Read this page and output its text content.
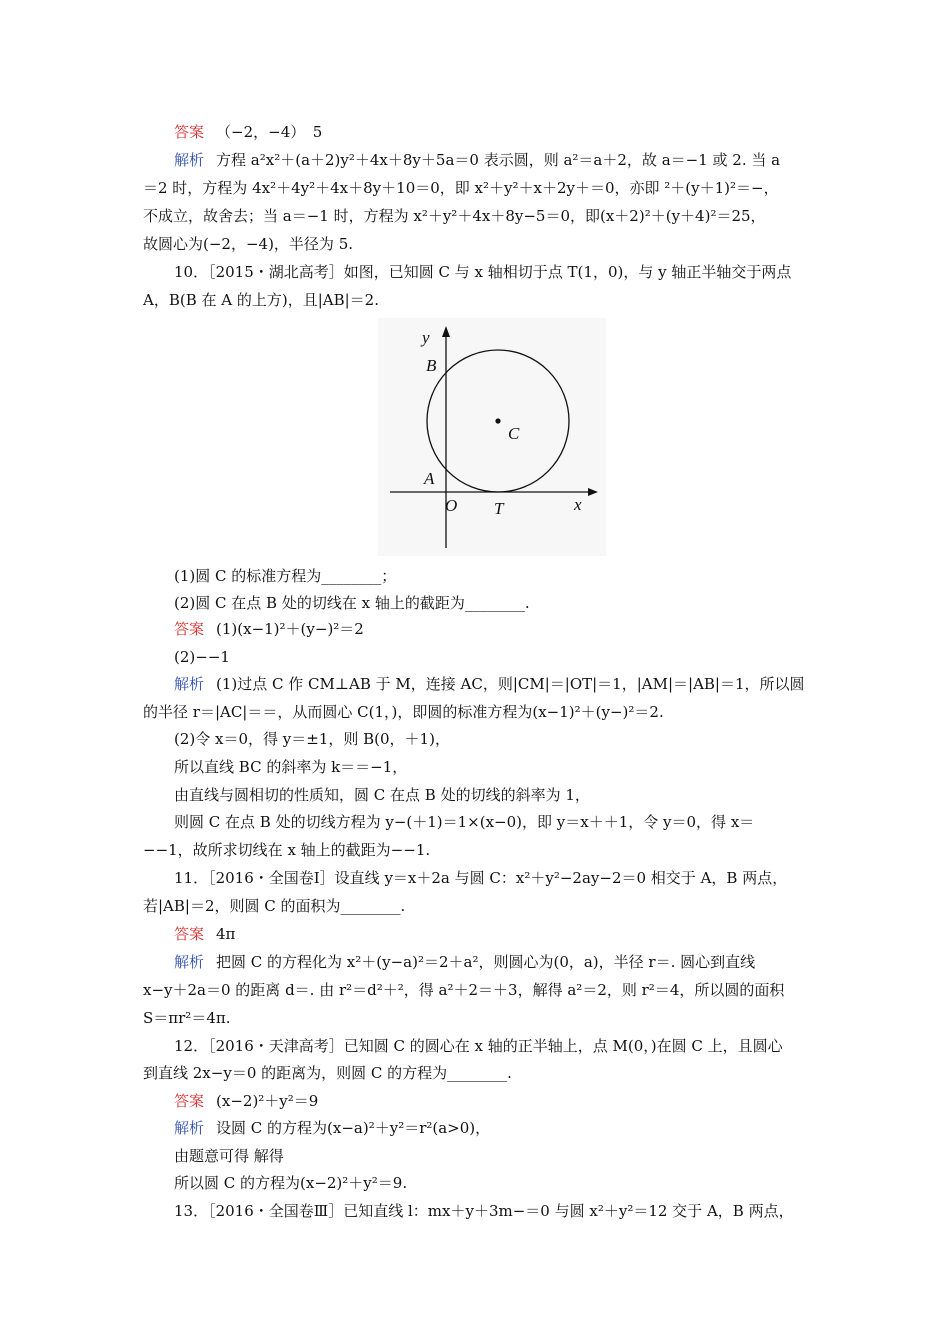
答案 （−2，−4）　5
解析 方程 a²x²＋(a＋2)y²＋4x＋8y＋5a＝0 表示圆，则 a²＝a＋2，故 a＝−1 或 2. 当 a
＝2 时，方程为 4x²＋4y²＋4x＋8y＋10＝0，即 x²＋y²＋x＋2y＋＝0，亦即 ²＋(y＋1)²＝−，
不成立，故舍去；当 a＝−1 时，方程为 x²＋y²＋4x＋8y−5＝0，即(x＋2)²＋(y＋4)²＝25，
故圆心为(−2，−4)，半径为 5.
10．［2015・湖北高考］如图，已知圆 C 与 x 轴相切于点 T(1，0)，与 y 轴正半轴交于两点
A，B(B 在 A 的上方)，且|AB|＝2.
(1)圆 C 的标准方程为________；
(2)圆 C 在点 B 处的切线在 x 轴上的截距为________.
答案 (1)(x−1)²＋(y−)²＝2
(2)−−1
解析 (1)过点 C 作 CM⊥AB 于 M，连接 AC，则|CM|＝|OT|＝1，|AM|＝|AB|＝1，所以圆
的半径 r＝|AC|＝＝，从而圆心 C(1，)，即圆的标准方程为(x−1)²＋(y−)²＝2.
(2)令 x＝0，得 y＝±1，则 B(0，＋1)，
所以直线 BC 的斜率为 k＝＝−1，
由直线与圆相切的性质知，圆 C 在点 B 处的切线的斜率为 1，
则圆 C 在点 B 处的切线方程为 y−(＋1)＝1×(x−0)，即 y＝x＋＋1，令 y＝0，得 x＝
−−1，故所求切线在 x 轴上的截距为−−1.
11．［2016・全国卷Ⅰ］设直线 y＝x＋2a 与圆 C：x²＋y²−2ay−2＝0 相交于 A，B 两点，
若|AB|＝2，则圆 C 的面积为________.
答案 4π
解析 把圆 C 的方程化为 x²＋(y−a)²＝2＋a²，则圆心为(0，a)，半径 r＝. 圆心到直线
x−y＋2a＝0 的距离 d＝. 由 r²＝d²＋²，得 a²＋2＝＋3，解得 a²＝2，则 r²＝4，所以圆的面积
S＝πr²＝4π.
12．［2016・天津高考］已知圆 C 的圆心在 x 轴的正半轴上，点 M(0，)在圆 C 上，且圆心
到直线 2x−y＝0 的距离为，则圆 C 的方程为________.
答案 (x−2)²＋y²＝9
解析 设圆 C 的方程为(x−a)²＋y²＝r²(a>0)，
由题意可得 解得
所以圆 C 的方程为(x−2)²＋y²＝9.
13．［2016・全国卷Ⅲ］已知直线 l：mx＋y＋3m−＝0 与圆 x²＋y²＝12 交于 A，B 两点，
y
B
C
A
O T	x
